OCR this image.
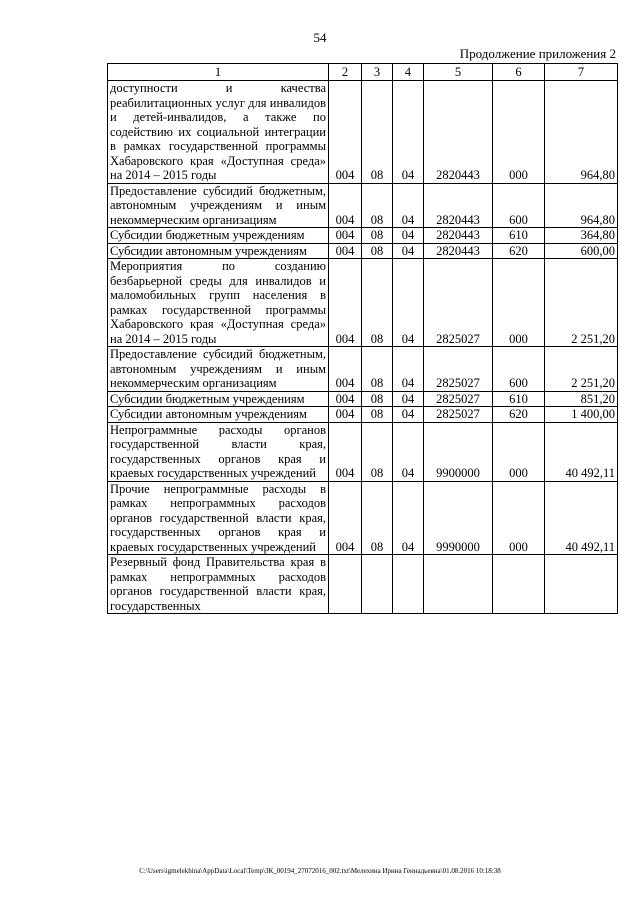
54
Продолжение приложения 2
1	2	3	4	5	6	7
доступности и качества реабилитационных услуг для инвалидов и детей-инвалидов, а также по содействию их социальной интеграции в рамках государственной программы Хабаровского края «Доступная среда» на 2014 – 2015 годы	004	08	04	2820443	000	964,80
Предоставление субсидий бюджетным, автономным учреждениям и иным некоммерческим организациям	004	08	04	2820443	600	964,80
Субсидии бюджетным учреждениям	004	08	04	2820443	610	364,80
Субсидии автономным учреждениям	004	08	04	2820443	620	600,00
Мероприятия по созданию безбарьерной среды для инвалидов и маломобильных групп населения в рамках государственной программы Хабаровского края «Доступная среда» на 2014 – 2015 годы	004	08	04	2825027	000	2 251,20
Предоставление субсидий бюджетным, автономным учреждениям и иным некоммерческим организациям	004	08	04	2825027	600	2 251,20
Субсидии бюджетным учреждениям	004	08	04	2825027	610	851,20
Субсидии автономным учреждениям	004	08	04	2825027	620	1 400,00
Непрограммные расходы органов государственной власти края, государственных органов края и краевых государственных учреждений	004	08	04	9900000	000	40 492,11
Прочие непрограммные расходы в рамках непрограммных расходов органов государственной власти края, государственных органов края и краевых государственных учреждений	004	08	04	9990000	000	40 492,11
Резервный фонд Правительства края в рамках непрограммных расходов органов государственной власти края, государственных						
C:\Users\igmelekhina\AppData\Local\Temp\ЗК_00194_27072016_002.txt\Мелехина Ирина Геннадьевна\01.08.2016 10:18:38
